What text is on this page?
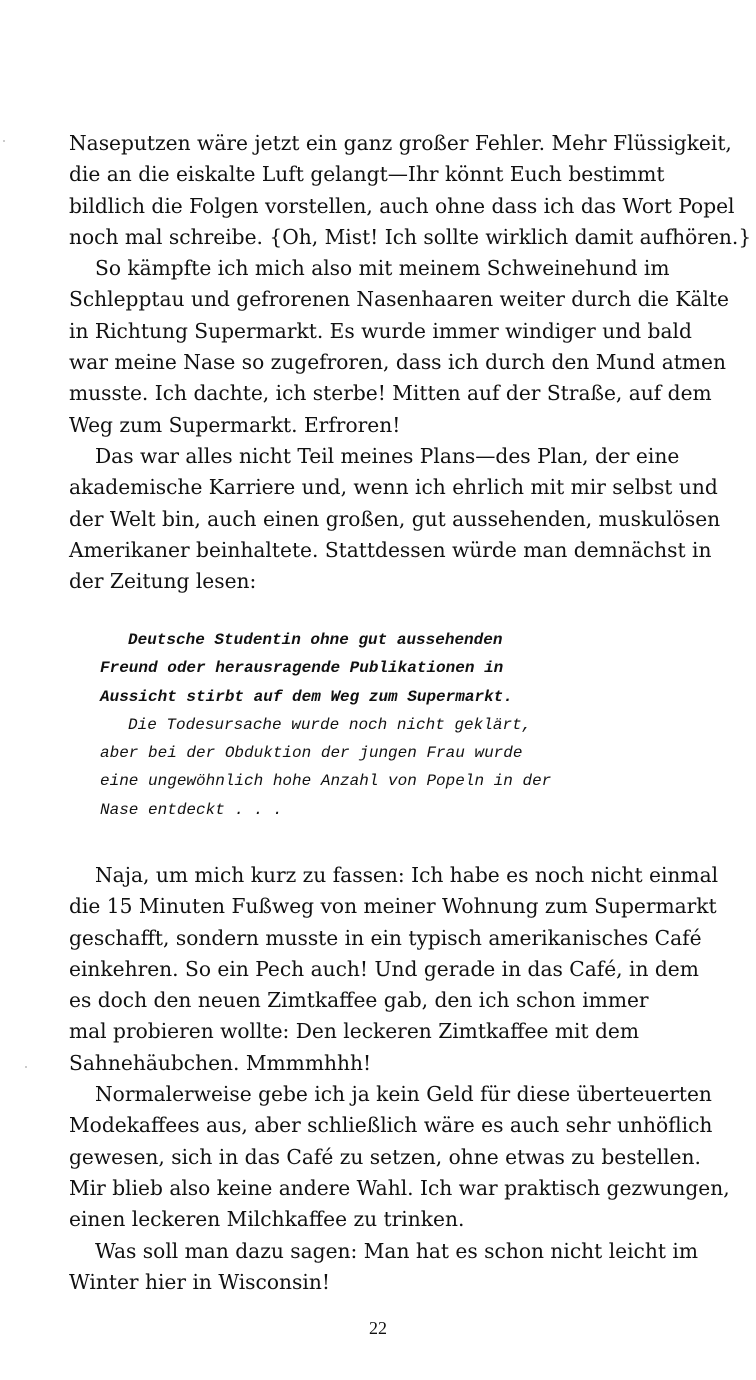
Naseputzen wäre jetzt ein ganz großer Fehler. Mehr Flüssigkeit,
die an die eiskalte Luft gelangt—Ihr könnt Euch bestimmt
bildlich die Folgen vorstellen, auch ohne dass ich das Wort Popel
noch mal schreibe. {Oh, Mist! Ich sollte wirklich damit aufhören.}
So kämpfte ich mich also mit meinem Schweinehund im
Schlepptau und gefrorenen Nasenhaaren weiter durch die Kälte
in Richtung Supermarkt. Es wurde immer windiger und bald
war meine Nase so zugefroren, dass ich durch den Mund atmen
musste. Ich dachte, ich sterbe! Mitten auf der Straße, auf dem
Weg zum Supermarkt. Erfroren!
Das war alles nicht Teil meines Plans—des Plan, der eine
akademische Karriere und, wenn ich ehrlich mit mir selbst und
der Welt bin, auch einen großen, gut aussehenden, muskulösen
Amerikaner beinhaltete. Stattdessen würde man demnächst in
der Zeitung lesen:
Deutsche Studentin ohne gut aussehenden
Freund oder herausragende Publikationen in
Aussicht stirbt auf dem Weg zum Supermarkt.
Die Todesursache wurde noch nicht geklärt,
aber bei der Obduktion der jungen Frau wurde
eine ungewöhnlich hohe Anzahl von Popeln in der
Nase entdeckt . . .
Naja, um mich kurz zu fassen: Ich habe es noch nicht einmal
die 15 Minuten Fußweg von meiner Wohnung zum Supermarkt
geschafft, sondern musste in ein typisch amerikanisches Café
einkehren. So ein Pech auch! Und gerade in das Café, in dem
es doch den neuen Zimtkaffee gab, den ich schon immer
mal probieren wollte: Den leckeren Zimtkaffee mit dem
Sahnehäubchen. Mmmmhhh!
Normalerweise gebe ich ja kein Geld für diese überteuerten
Modekaffees aus, aber schließlich wäre es auch sehr unhöflich
gewesen, sich in das Café zu setzen, ohne etwas zu bestellen.
Mir blieb also keine andere Wahl. Ich war praktisch gezwungen,
einen leckeren Milchkaffee zu trinken.
Was soll man dazu sagen: Man hat es schon nicht leicht im
Winter hier in Wisconsin!
22
